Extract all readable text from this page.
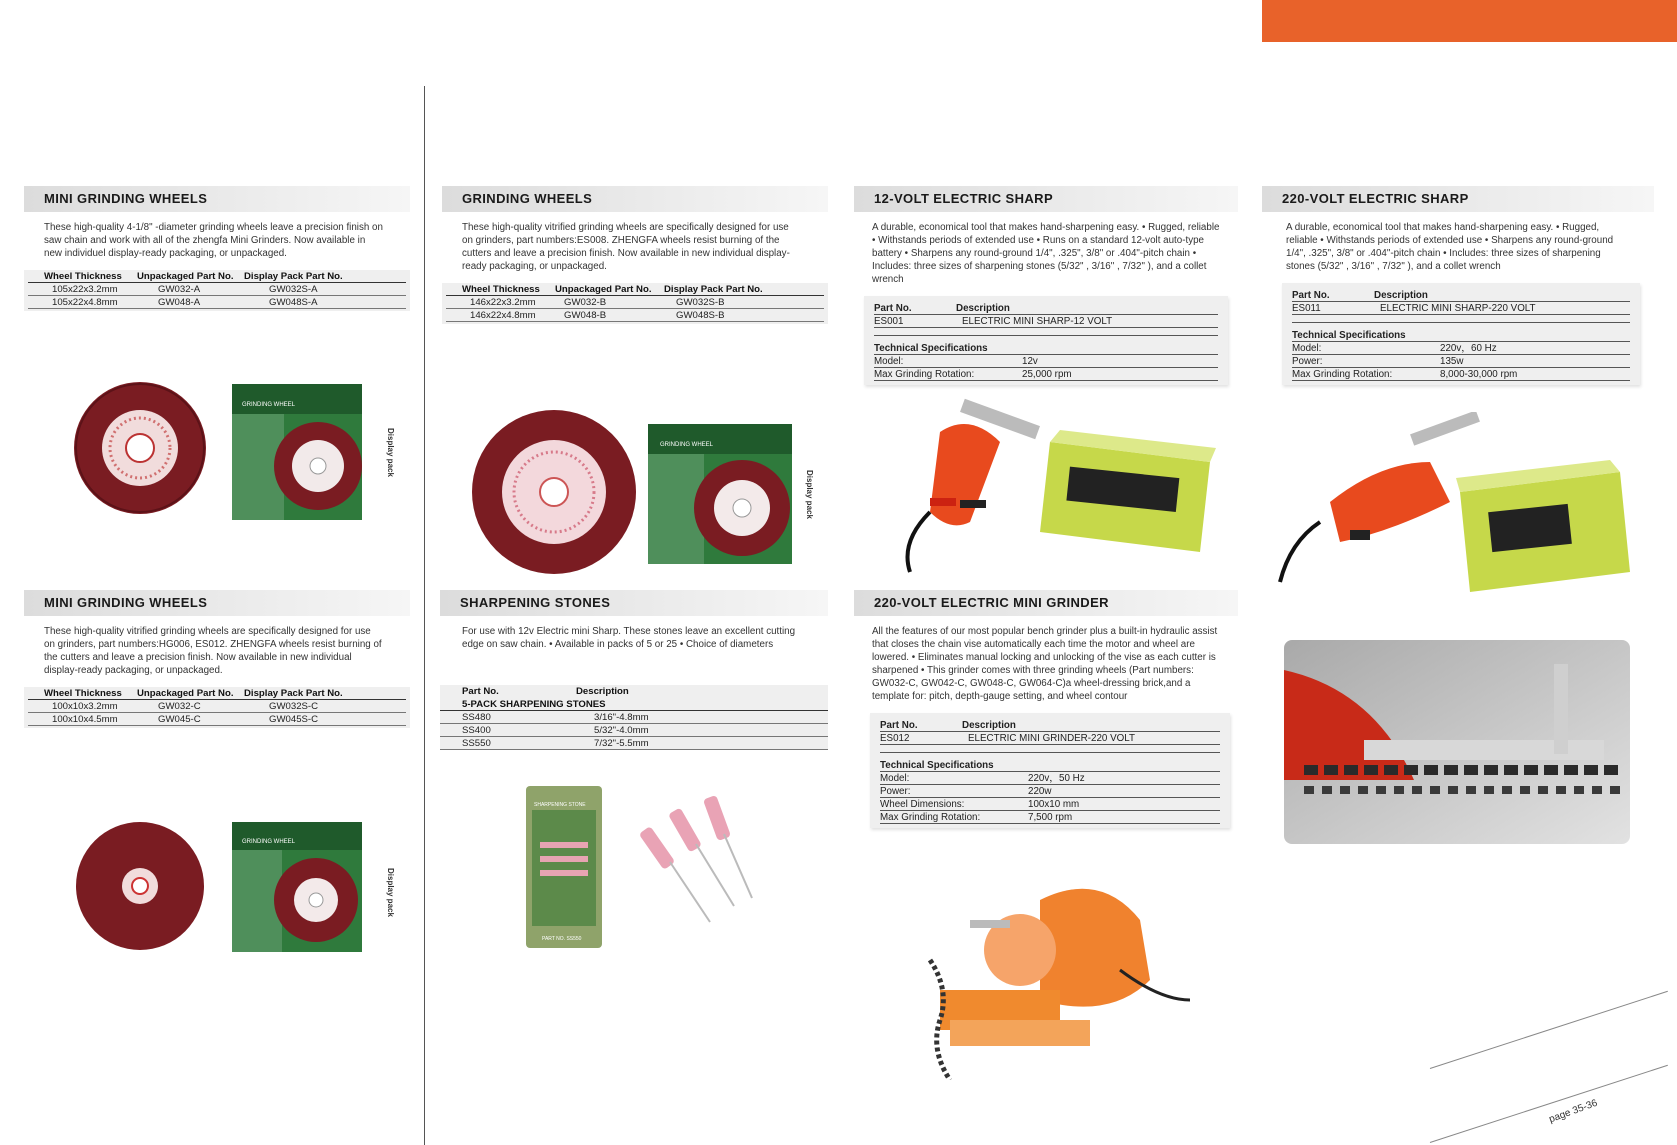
MINI GRINDING WHEELS
These high-quality 4-1/8" -diameter grinding wheels leave a precision finish on saw chain and work with all of the zhengfa Mini Grinders. Now available in new individuel display-ready packaging, or unpackaged.
Wheel Thickness	Unpackaged Part No.	Display Pack Part No.
105x22x3.2mm	GW032-A	GW032S-A
105x22x4.8mm	GW048-A	GW048S-A
GRINDING WHEEL
Display pack
GRINDING WHEELS
These high-quality vitrified grinding wheels are specifically designed for use on grinders, part numbers:ES008. ZHENGFA wheels resist burning of the cutters and leave a precision finish. Now available in new individual display-ready packaging, or unpackaged.
Wheel Thickness	Unpackaged Part No.	Display Pack Part No.
146x22x3.2mm	GW032-B	GW032S-B
146x22x4.8mm	GW048-B	GW048S-B
GRINDING WHEEL
Display pack
12-VOLT ELECTRIC SHARP
A durable, economical tool that makes hand-sharpening easy. • Rugged, reliable • Withstands periods of extended use • Runs on a standard 12-volt auto-type battery • Sharpens any round-ground 1/4", .325", 3/8" or .404"-pitch chain • Includes: three sizes of sharpening stones (5/32" , 3/16" , 7/32" ), and a collet wrench
Part No.	Description
ES001	ELECTRIC MINI SHARP-12 VOLT
Technical Specifications
Model:	12v
Max Grinding Rotation:	25,000 rpm
220-VOLT ELECTRIC SHARP
A durable, economical tool that makes hand-sharpening easy. • Rugged, reliable • Withstands periods of extended use • Sharpens any round-ground 1/4", .325", 3/8" or .404"-pitch chain • Includes: three sizes of sharpening stones (5/32" , 3/16" , 7/32" ), and a collet wrench
Part No.	Description
ES011	ELECTRIC MINI SHARP-220 VOLT
Technical Specifications
Model:	220v，60 Hz
Power:	135w
Max Grinding Rotation:	8,000-30,000 rpm
MINI GRINDING WHEELS
These high-quality vitrified grinding wheels are specifically designed for use on grinders, part numbers:HG006, ES012. ZHENGFA wheels resist burning of the cutters and leave a precision finish. Now available in new individual display-ready packaging, or unpackaged.
Wheel Thickness	Unpackaged Part No.	Display Pack Part No.
100x10x3.2mm	GW032-C	GW032S-C
100x10x4.5mm	GW045-C	GW045S-C
GRINDING WHEEL
Display pack
SHARPENING STONES
For use with 12v Electric mini Sharp. These stones leave an excellent cutting edge on saw chain. • Available in packs of 5 or 25 • Choice of diameters
Part No.	Description
5-PACK SHARPENING STONES
SS480	3/16"-4.8mm
SS400	5/32"-4.0mm
SS550	7/32"-5.5mm
SHARPENING STONE
PART NO. SS550
220-VOLT ELECTRIC MINI GRINDER
All the features of our most popular bench grinder plus a built-in hydraulic assist that closes the chain vise automatically each time the motor and wheel are lowered. • Eliminates manual locking and unlocking of the vise as each cutter is sharpened • This grinder comes with three grinding wheels (Part numbers: GW032-C, GW042-C, GW048-C, GW064-C)a wheel-dressing brick,and a template for: pitch, depth-gauge setting, and wheel contour
Part No.	Description
ES012	ELECTRIC MINI GRINDER-220 VOLT
Technical Specifications
Model:	220v，50 Hz
Power:	220w
Wheel Dimensions:	100x10 mm
Max Grinding Rotation:	7,500 rpm
page 35-36
